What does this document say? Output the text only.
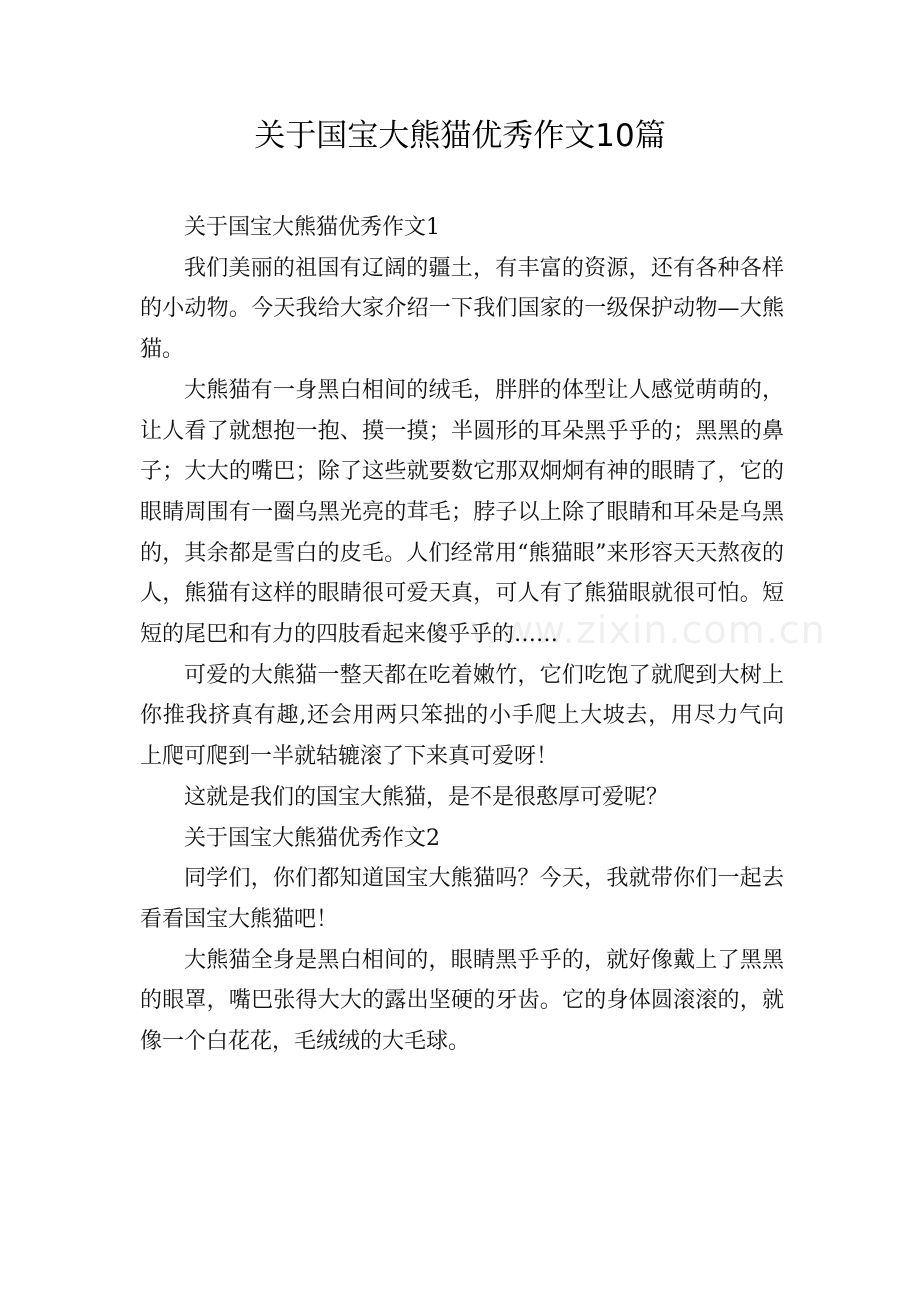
关于国宝大熊猫优秀作文10篇
www.zixin.com.cn

关于国宝大熊猫优秀作文1

我们美丽的祖国有辽阔的疆土，有丰富的资源，还有各种各样的小动物。今天我给大家介绍一下我们国家的一级保护动物—大熊猫。

大熊猫有一身黑白相间的绒毛，胖胖的体型让人感觉萌萌的，让人看了就想抱一抱、摸一摸；半圆形的耳朵黑乎乎的；黑黑的鼻子；大大的嘴巴；除了这些就要数它那双炯炯有神的眼睛了，它的眼睛周围有一圈乌黑光亮的茸毛；脖子以上除了眼睛和耳朵是乌黑的，其余都是雪白的皮毛。人们经常用“熊猫眼”来形容天天熬夜的人，熊猫有这样的眼睛很可爱天真，可人有了熊猫眼就很可怕。短短的尾巴和有力的四肢看起来傻乎乎的……

可爱的大熊猫一整天都在吃着嫩竹，它们吃饱了就爬到大树上你推我挤真有趣,还会用两只笨拙的小手爬上大坡去，用尽力气向上爬可爬到一半就轱辘滚了下来真可爱呀！

这就是我们的国宝大熊猫，是不是很憨厚可爱呢？

关于国宝大熊猫优秀作文2

同学们，你们都知道国宝大熊猫吗？今天，我就带你们一起去看看国宝大熊猫吧！

大熊猫全身是黑白相间的，眼睛黑乎乎的，就好像戴上了黑黑的眼罩，嘴巴张得大大的露出坚硬的牙齿。它的身体圆滚滚的，就像一个白花花，毛绒绒的大毛球。
